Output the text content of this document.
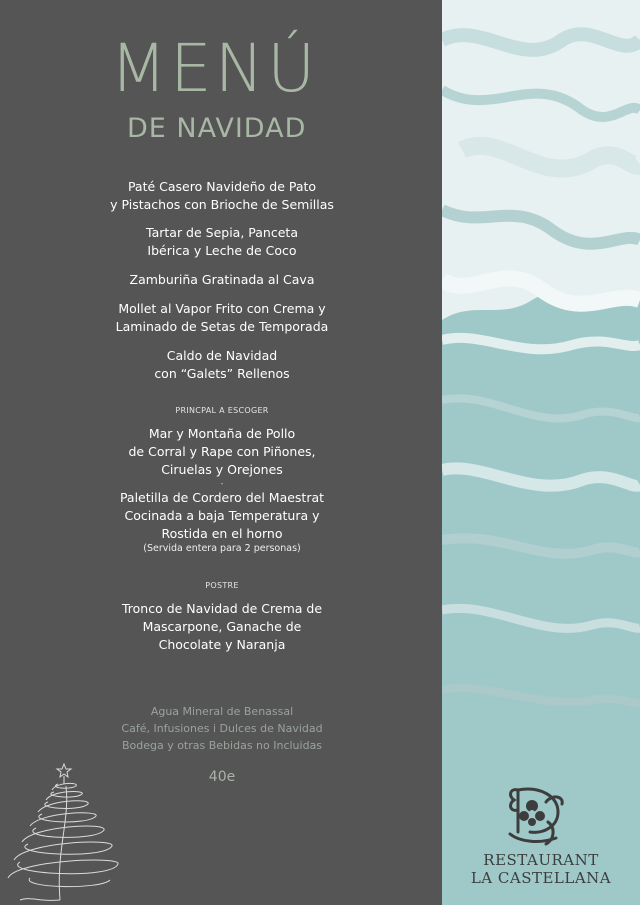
MENÚ
DE NAVIDAD
Paté Casero Navideño de Pato
y Pistachos con Brioche de Semillas
Tartar de Sepia, Panceta
Ibérica y Leche de Coco
Zamburiña Gratinada al Cava
Mollet al Vapor Frito con Crema y
Laminado de Setas de Temporada
Caldo de Navidad
con “Galets” Rellenos
PRINCPAL A ESCOGER
Mar y Montaña de Pollo
de Corral y Rape con Piñones,
Ciruelas y Orejones
-
Paletilla de Cordero del Maestrat
Cocinada a baja Temperatura y
Rostida en el horno
(Servida entera para 2 personas)
POSTRE
Tronco de Navidad de Crema de
Mascarpone, Ganache de
Chocolate y Naranja
Agua Mineral de Benassal
Café, Infusiones i Dulces de Navidad
Bodega y otras Bebidas no Incluidas
40e
RESTAURANT
LA CASTELLANA
